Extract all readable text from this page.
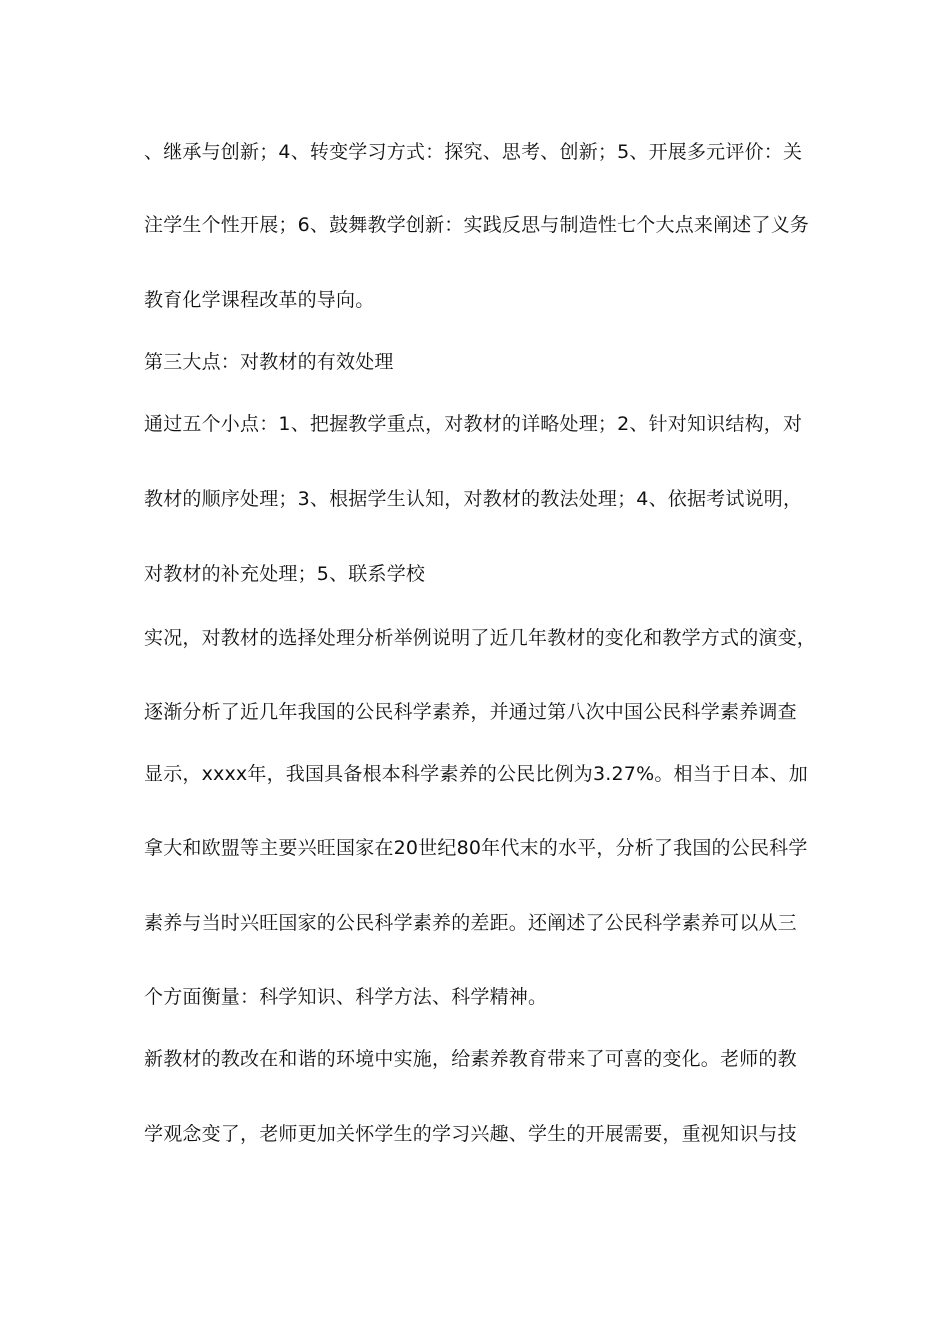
、继承与创新；4、转变学习方式：探究、思考、创新；5、开展多元评价：关
注学生个性开展；6、鼓舞教学创新：实践反思与制造性七个大点来阐述了义务
教育化学课程改革的导向。
第三大点：对教材的有效处理
通过五个小点：1、把握教学重点，对教材的详略处理；2、针对知识结构，对
教材的顺序处理；3、根据学生认知，对教材的教法处理；4、依据考试说明，
对教材的补充处理；5、联系学校
实况，对教材的选择处理分析举例说明了近几年教材的变化和教学方式的演变，
逐渐分析了近几年我国的公民科学素养，并通过第八次中国公民科学素养调查
显示，xxxx年，我国具备根本科学素养的公民比例为3.27%。相当于日本、加
拿大和欧盟等主要兴旺国家在20世纪80年代末的水平，分析了我国的公民科学
素养与当时兴旺国家的公民科学素养的差距。还阐述了公民科学素养可以从三
个方面衡量：科学知识、科学方法、科学精神。
新教材的教改在和谐的环境中实施，给素养教育带来了可喜的变化。老师的教
学观念变了，老师更加关怀学生的学习兴趣、学生的开展需要，重视知识与技
